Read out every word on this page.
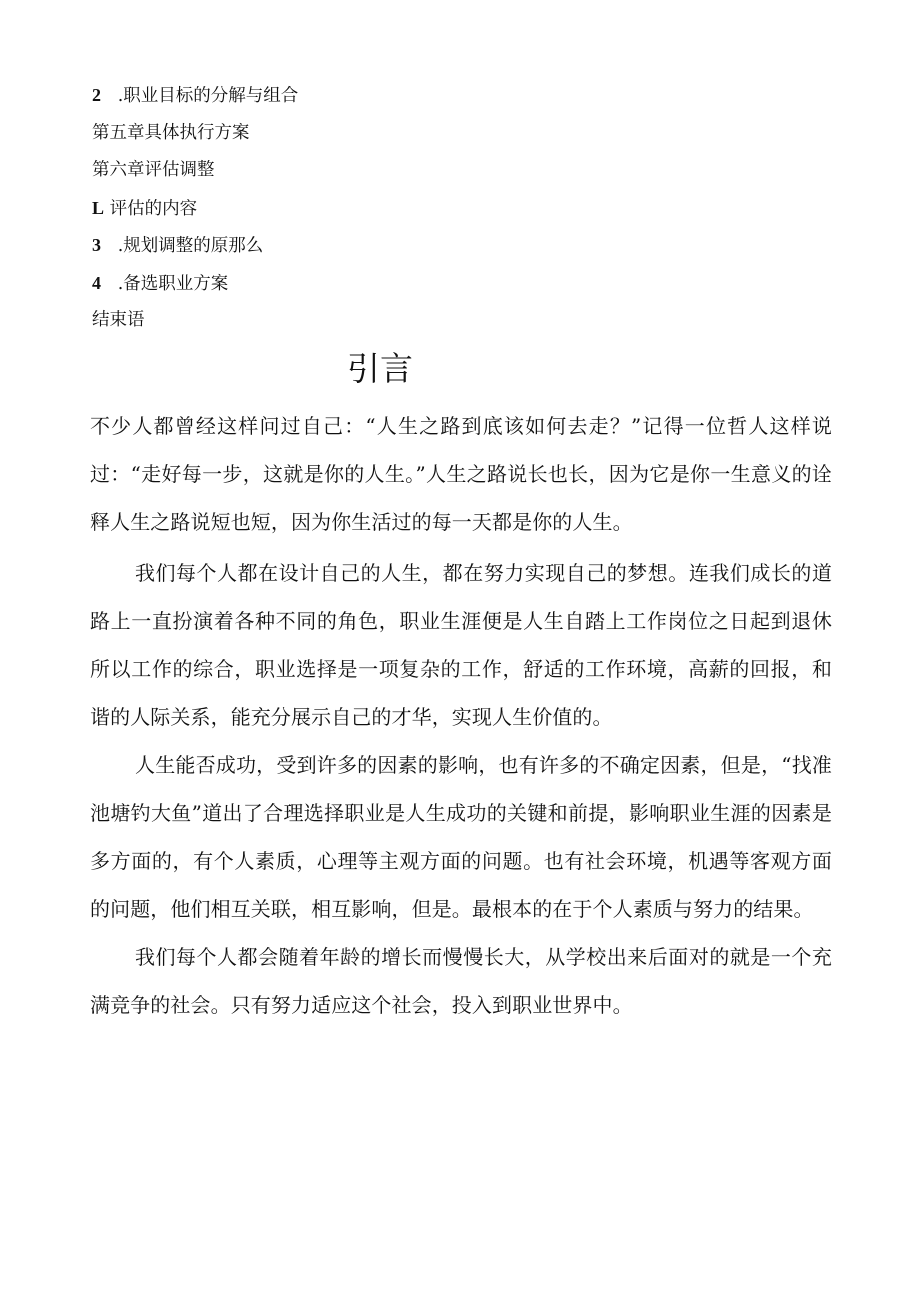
2 .职业目标的分解与组合
第五章具体执行方案
第六章评估调整
L 评估的内容
3 .规划调整的原那么
4 .备选职业方案
结束语
引言

不少人都曾经这样问过自己：“人生之路到底该如何去走？”记得一位哲人这样说过：“走好每一步，这就是你的人生。”人生之路说长也长，因为它是你一生意义的诠释人生之路说短也短，因为你生活过的每一天都是你的人生。

我们每个人都在设计自己的人生，都在努力实现自己的梦想。连我们成长的道路上一直扮演着各种不同的角色，职业生涯便是人生自踏上工作岗位之日起到退休所以工作的综合，职业选择是一项复杂的工作，舒适的工作环境，高薪的回报，和谐的人际关系，能充分展示自己的才华，实现人生价值的。

人生能否成功，受到许多的因素的影响，也有许多的不确定因素，但是，“找准池塘钓大鱼”道出了合理选择职业是人生成功的关键和前提，影响职业生涯的因素是多方面的，有个人素质，心理等主观方面的问题。也有社会环境，机遇等客观方面的问题，他们相互关联，相互影响，但是。最根本的在于个人素质与努力的结果。

我们每个人都会随着年龄的增长而慢慢长大，从学校出来后面对的就是一个充满竞争的社会。只有努力适应这个社会，投入到职业世界中。
